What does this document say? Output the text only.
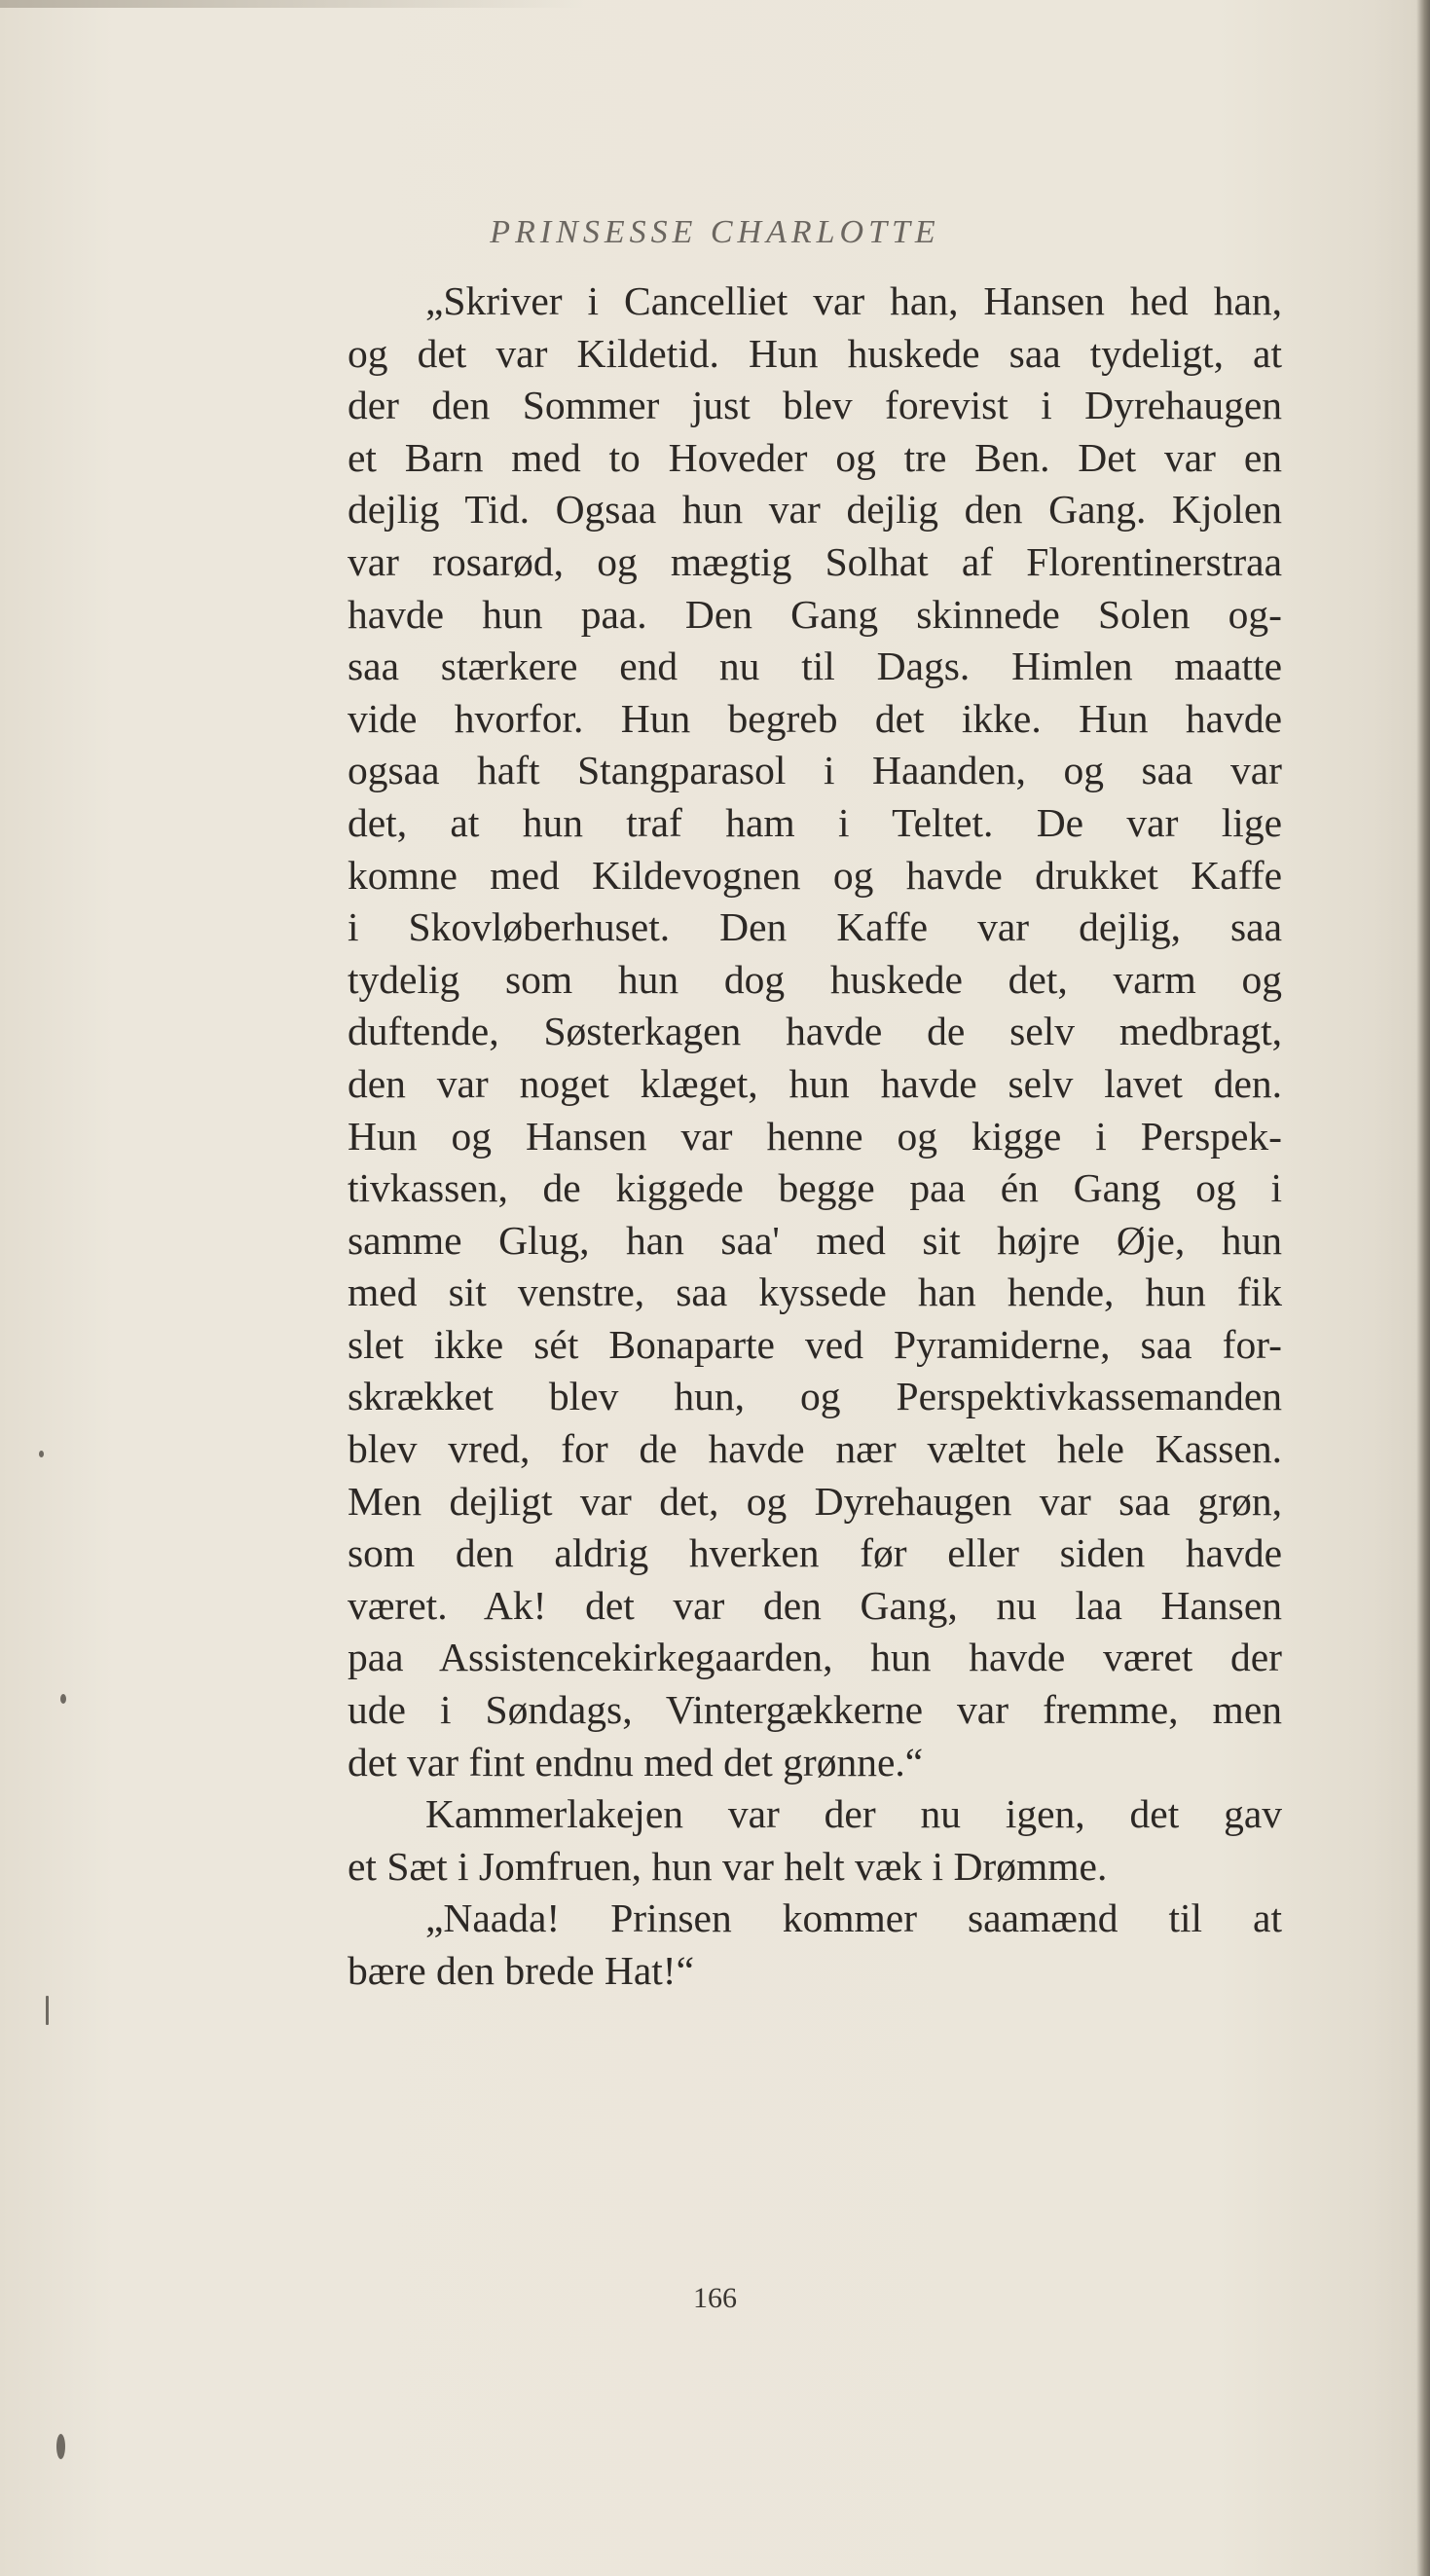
PRINSESSE CHARLOTTE
„Skriver i Cancelliet var han, Hansen hed han,
og det var Kildetid. Hun huskede saa tydeligt, at
der den Sommer just blev forevist i Dyrehaugen
et Barn med to Hoveder og tre Ben. Det var en
dejlig Tid. Ogsaa hun var dejlig den Gang. Kjolen
var rosarød, og mægtig Solhat af Florentinerstraa
havde hun paa. Den Gang skinnede Solen og-
saa stærkere end nu til Dags. Himlen maatte
vide hvorfor. Hun begreb det ikke. Hun havde
ogsaa haft Stangparasol i Haanden, og saa var
det, at hun traf ham i Teltet. De var lige
komne med Kildevognen og havde drukket Kaffe
i Skovløberhuset. Den Kaffe var dejlig, saa
tydelig som hun dog huskede det, varm og
duftende, Søsterkagen havde de selv medbragt,
den var noget klæget, hun havde selv lavet den.
Hun og Hansen var henne og kigge i Perspek-
tivkassen, de kiggede begge paa én Gang og i
samme Glug, han saa' med sit højre Øje, hun
med sit venstre, saa kyssede han hende, hun fik
slet ikke sét Bonaparte ved Pyramiderne, saa for-
skrækket blev hun, og Perspektivkassemanden
blev vred, for de havde nær væltet hele Kassen.
Men dejligt var det, og Dyrehaugen var saa grøn,
som den aldrig hverken før eller siden havde
været. Ak! det var den Gang, nu laa Hansen
paa Assistencekirkegaarden, hun havde været der
ude i Søndags, Vintergækkerne var fremme, men
det var fint endnu med det grønne.“
Kammerlakejen var der nu igen, det gav
et Sæt i Jomfruen, hun var helt væk i Drømme.
„Naada! Prinsen kommer saamænd til at
bære den brede Hat!“
166
